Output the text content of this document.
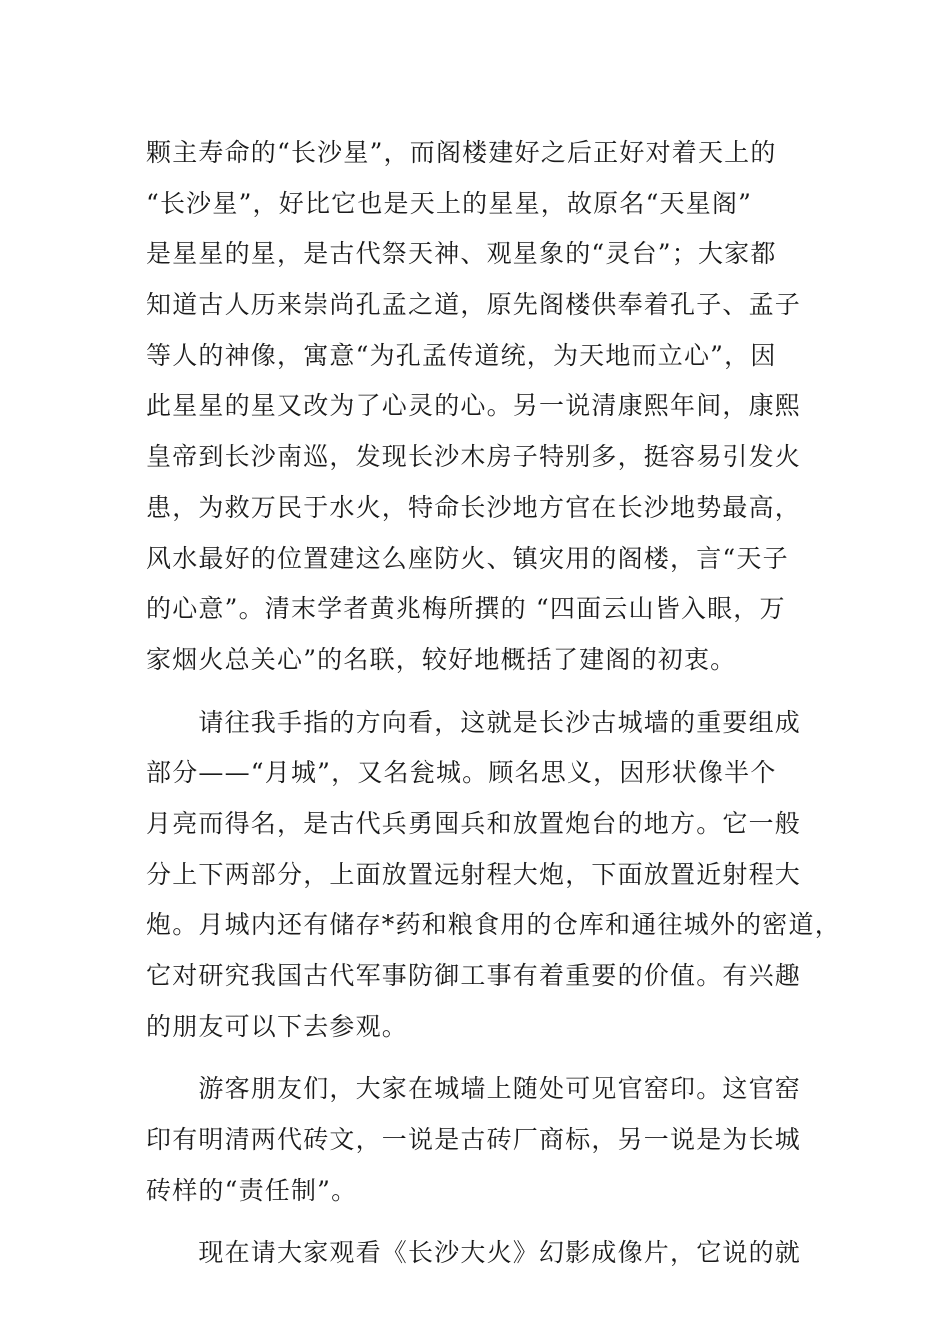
颗主寿命的“长沙星”，而阁楼建好之后正好对着天上的
“长沙星”，好比它也是天上的星星，故原名“天星阁”
是星星的星，是古代祭天神、观星象的“灵台”；大家都
知道古人历来崇尚孔孟之道，原先阁楼供奉着孔子、孟子
等人的神像，寓意“为孔孟传道统，为天地而立心”，因
此星星的星又改为了心灵的心。另一说清康熙年间，康熙
皇帝到长沙南巡，发现长沙木房子特别多，挺容易引发火
患，为救万民于水火，特命长沙地方官在长沙地势最高，
风水最好的位置建这么座防火、镇灾用的阁楼，言“天子
的心意”。清末学者黄兆梅所撰的 “四面云山皆入眼，万
家烟火总关心”的名联，较好地概括了建阁的初衷。
　　请往我手指的方向看，这就是长沙古城墙的重要组成
部分——“月城”，又名瓮城。顾名思义，因形状像半个
月亮而得名，是古代兵勇囤兵和放置炮台的地方。它一般
分上下两部分，上面放置远射程大炮，下面放置近射程大
炮。月城内还有储存*药和粮食用的仓库和通往城外的密道，
它对研究我国古代军事防御工事有着重要的价值。有兴趣
的朋友可以下去参观。
　　游客朋友们，大家在城墙上随处可见官窑印。这官窑
印有明清两代砖文，一说是古砖厂商标，另一说是为长城
砖样的“责任制”。
　　现在请大家观看《长沙大火》幻影成像片，它说的就
